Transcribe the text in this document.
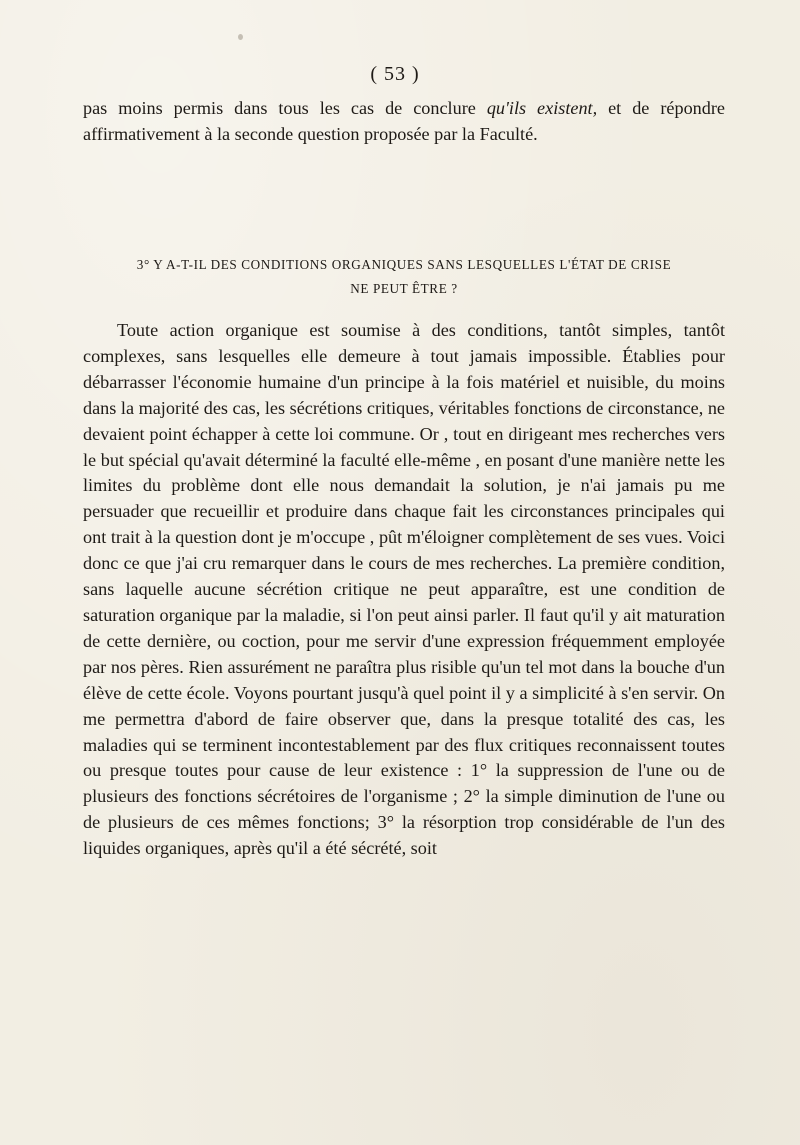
( 53 )
pas moins permis dans tous les cas de conclure qu'ils existent, et de répondre affirmativement à la seconde question proposée par la Faculté.
3° Y A-T-IL DES CONDITIONS ORGANIQUES SANS LESQUELLES L'ÉTAT DE CRISE
NE PEUT ÊTRE ?
Toute action organique est soumise à des conditions, tantôt simples, tantôt complexes, sans lesquelles elle demeure à tout jamais impossible. Établies pour débarrasser l'économie humaine d'un principe à la fois matériel et nuisible, du moins dans la majorité des cas, les sécrétions critiques, véritables fonctions de circonstance, ne devaient point échapper à cette loi commune. Or , tout en dirigeant mes recherches vers le but spécial qu'avait déterminé la faculté elle-même , en posant d'une manière nette les limites du problème dont elle nous demandait la solution, je n'ai jamais pu me persuader que recueillir et produire dans chaque fait les circonstances principales qui ont trait à la question dont je m'occupe , pût m'éloigner complètement de ses vues. Voici donc ce que j'ai cru remarquer dans le cours de mes recherches. La première condition, sans laquelle aucune sécrétion critique ne peut apparaître, est une condition de saturation organique par la maladie, si l'on peut ainsi parler. Il faut qu'il y ait maturation de cette dernière, ou coction, pour me servir d'une expression fréquemment employée par nos pères. Rien assurément ne paraîtra plus risible qu'un tel mot dans la bouche d'un élève de cette école. Voyons pourtant jusqu'à quel point il y a simplicité à s'en servir. On me permettra d'abord de faire observer que, dans la presque totalité des cas, les maladies qui se terminent incontestablement par des flux critiques reconnaissent toutes ou presque toutes pour cause de leur existence : 1° la suppression de l'une ou de plusieurs des fonctions sécrétoires de l'organisme ; 2° la simple diminution de l'une ou de plusieurs de ces mêmes fonctions; 3° la résorption trop considérable de l'un des liquides organiques, après qu'il a été sécrété, soit
